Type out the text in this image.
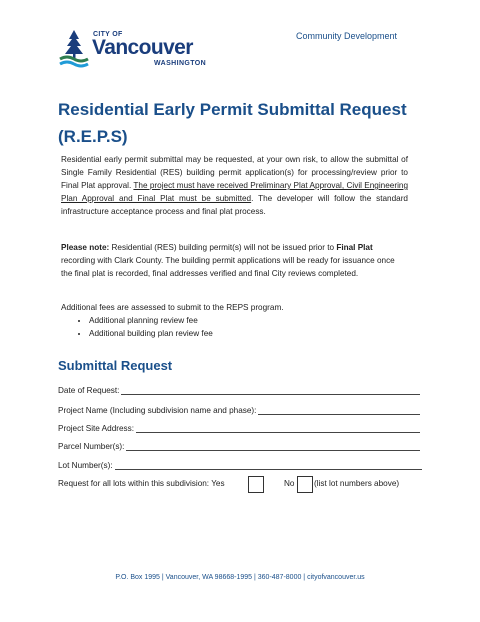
CITY OF
Vancouver
WASHINGTON
Community Development
Residential Early Permit Submittal Request (R.E.P.S)
Residential early permit submittal may be requested, at your own risk, to allow the submittal of Single Family Residential (RES) building permit application(s) for processing/review prior to Final Plat approval. The project must have received Preliminary Plat Approval, Civil Engineering Plan Approval and Final Plat must be submitted. The developer will follow the standard infrastructure acceptance process and final plat process.
Please note: Residential (RES) building permit(s) will not be issued prior to Final Plat recording with Clark County. The building permit applications will be ready for issuance once the final plat is recorded, final addresses verified and final City reviews completed.
Additional fees are assessed to submit to the REPS program.
• Additional planning review fee
• Additional building plan review fee
Submittal Request
Date of Request:
Project Name (Including subdivision name and phase):
Project Site Address:
Parcel Number(s):
Lot Number(s):
Request for all lots within this subdivision: Yes	No (list lot numbers above)
P.O. Box 1995 | Vancouver, WA 98668-1995 | 360-487-8000 | cityofvancouver.us
